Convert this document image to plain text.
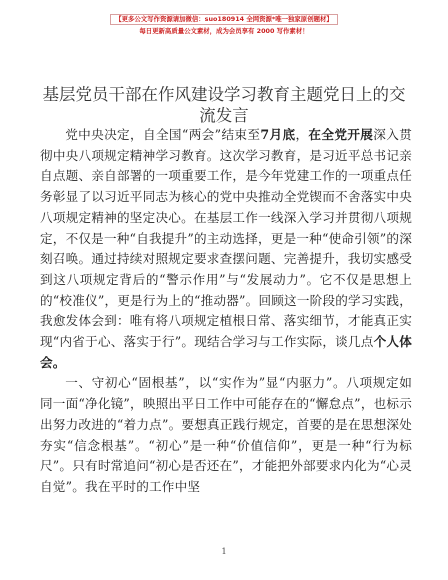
【更多公文写作资源请加微信：suo180914 全网资源*唯一独家原创题材】
每日更新高质量公文素材，成为会员享有 2000 写作素材！
基层党员干部在作风建设学习教育主题党日上的交流发言

党中央决定，自全国“两会”结束至7月底，在全党开展深入贯彻中央八项规定精神学习教育。这次学习教育，是习近平总书记亲自点题、亲自部署的一项重要工作，是今年党建工作的一项重点任务彰显了以习近平同志为核心的党中央推动全党锲而不舍落实中央八项规定精神的坚定决心。在基层工作一线深入学习并贯彻八项规定，不仅是一种“自我提升”的主动选择，更是一种“使命引领”的深刻召唤。通过持续对照规定要求查摆问题、完善提升，我切实感受到这八项规定背后的“警示作用”与“发展动力”。它不仅是思想上的“校准仪”，更是行为上的“推动器”。回顾这一阶段的学习实践，我愈发体会到：唯有将八项规定植根日常、落实细节，才能真正实现“内省于心、落实于行”。现结合学习与工作实际，谈几点个人体会。

一、守初心“固根基”，以“实作为”显“内驱力”。八项规定如同一面“净化镜”，映照出平日工作中可能存在的“懈怠点”，也标示出努力改进的“着力点”。要想真正践行规定，首要的是在思想深处夯实“信念根基”。“初心”是一种“价值信仰”，更是一种“行为标尺”。只有时常追问“初心是否还在”，才能把外部要求内化为“心灵自觉”。我在平时的工作中坚

1
